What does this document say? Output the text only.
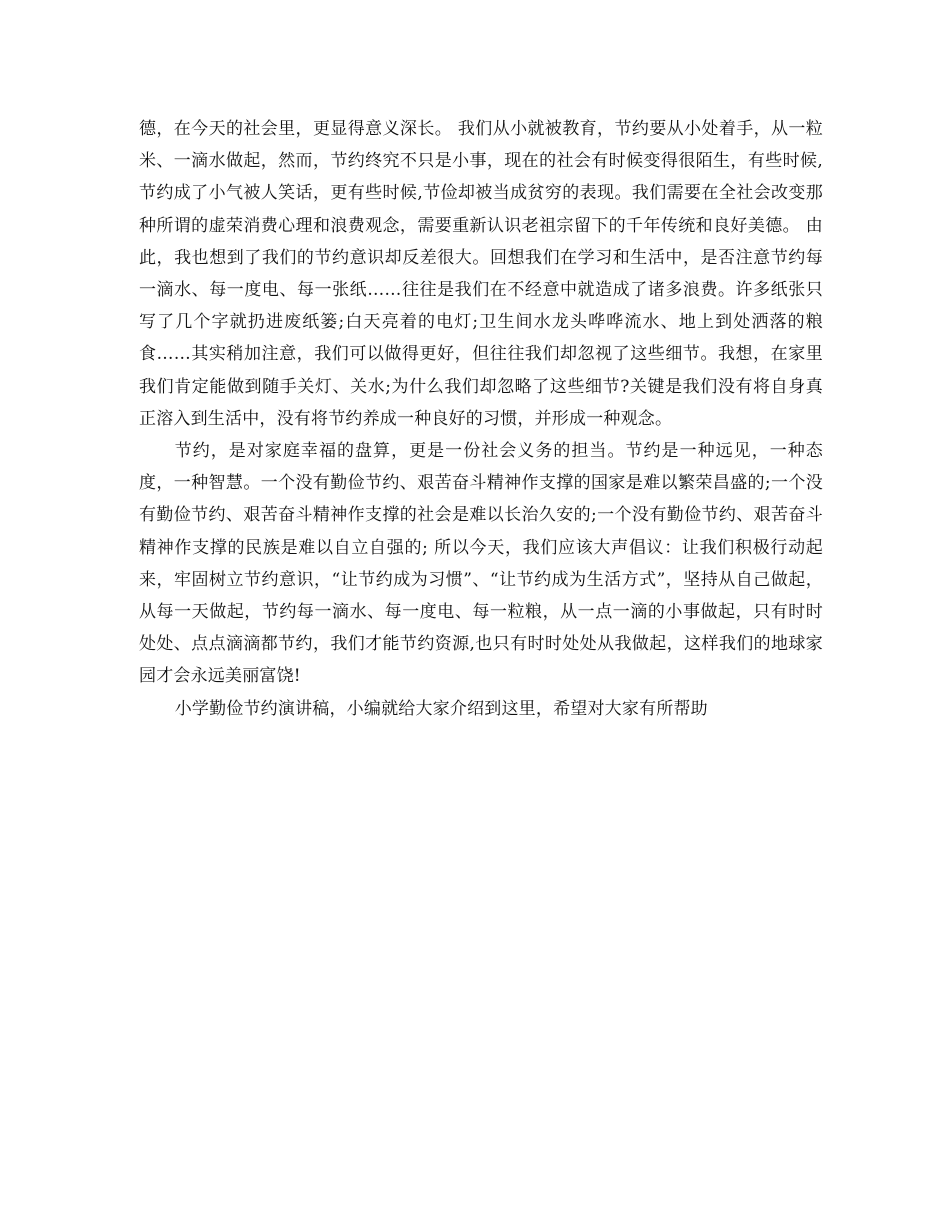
德，在今天的社会里，更显得意义深长。 我们从小就被教育，节约要从小处着手，从一粒米、一滴水做起，然而，节约终究不只是小事，现在的社会有时候变得很陌生，有些时候,节约成了小气被人笑话，更有些时候,节俭却被当成贫穷的表现。我们需要在全社会改变那种所谓的虚荣消费心理和浪费观念，需要重新认识老祖宗留下的千年传统和良好美德。 由此，我也想到了我们的节约意识却反差很大。回想我们在学习和生活中，是否注意节约每一滴水、每一度电、每一张纸……往往是我们在不经意中就造成了诸多浪费。许多纸张只写了几个字就扔进废纸篓;白天亮着的电灯;卫生间水龙头哗哗流水、地上到处洒落的粮食……其实稍加注意，我们可以做得更好，但往往我们却忽视了这些细节。我想，在家里我们肯定能做到随手关灯、关水;为什么我们却忽略了这些细节?关键是我们没有将自身真正溶入到生活中，没有将节约养成一种良好的习惯，并形成一种观念。

节约，是对家庭幸福的盘算，更是一份社会义务的担当。节约是一种远见，一种态度，一种智慧。一个没有勤俭节约、艰苦奋斗精神作支撑的国家是难以繁荣昌盛的;一个没有勤俭节约、艰苦奋斗精神作支撑的社会是难以长治久安的;一个没有勤俭节约、艰苦奋斗精神作支撑的民族是难以自立自强的; 所以今天，我们应该大声倡议：让我们积极行动起来，牢固树立节约意识，“让节约成为习惯”、“让节约成为生活方式”，坚持从自己做起，从每一天做起，节约每一滴水、每一度电、每一粒粮，从一点一滴的小事做起，只有时时处处、点点滴滴都节约，我们才能节约资源,也只有时时处处从我做起，这样我们的地球家园才会永远美丽富饶!

小学勤俭节约演讲稿，小编就给大家介绍到这里，希望对大家有所帮助
